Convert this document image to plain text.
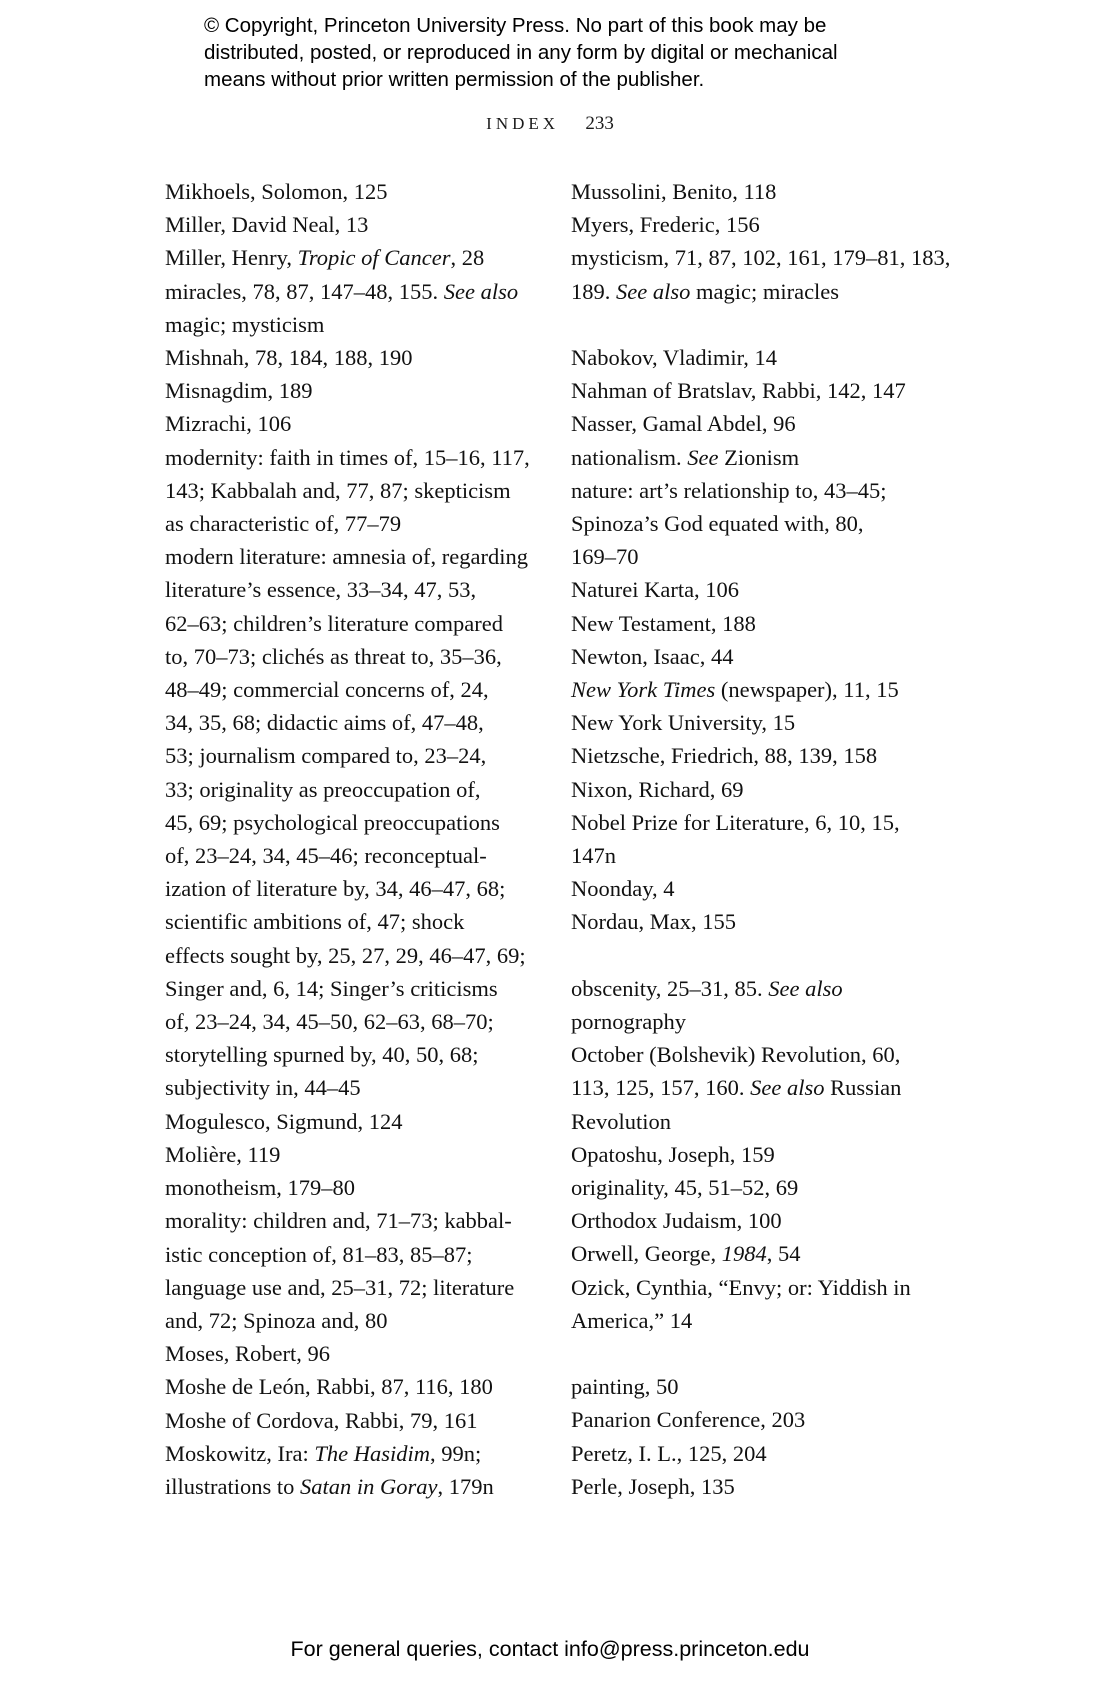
© Copyright, Princeton University Press. No part of this book may be
distributed, posted, or reproduced in any form by digital or mechanical
means without prior written permission of the publisher.
INDEX 233
Mikhoels, Solomon, 125
Miller, David Neal, 13
Miller, Henry, Tropic of Cancer, 28
miracles, 78, 87, 147–48, 155. See also
magic; mysticism
Mishnah, 78, 184, 188, 190
Misnagdim, 189
Mizrachi, 106
modernity: faith in times of, 15–16, 117,
143; Kabbalah and, 77, 87; skepticism
as characteristic of, 77–79
modern literature: amnesia of, regarding
literature’s essence, 33–34, 47, 53,
62–63; children’s literature compared
to, 70–73; clichés as threat to, 35–36,
48–49; commercial concerns of, 24,
34, 35, 68; didactic aims of, 47–48,
53; journalism compared to, 23–24,
33; originality as preoccupation of,
45, 69; psychological preoccupations
of, 23–24, 34, 45–46; reconceptual-
ization of literature by, 34, 46–47, 68;
scientific ambitions of, 47; shock
effects sought by, 25, 27, 29, 46–47, 69;
Singer and, 6, 14; Singer’s criticisms
of, 23–24, 34, 45–50, 62–63, 68–70;
storytelling spurned by, 40, 50, 68;
subjectivity in, 44–45
Mogulesco, Sigmund, 124
Molière, 119
monotheism, 179–80
morality: children and, 71–73; kabbal-
istic conception of, 81–83, 85–87;
language use and, 25–31, 72; literature
and, 72; Spinoza and, 80
Moses, Robert, 96
Moshe de León, Rabbi, 87, 116, 180
Moshe of Cordova, Rabbi, 79, 161
Moskowitz, Ira: The Hasidim, 99n;
illustrations to Satan in Goray, 179n
Mussolini, Benito, 118
Myers, Frederic, 156
mysticism, 71, 87, 102, 161, 179–81, 183,
189. See also magic; miracles
Nabokov, Vladimir, 14
Nahman of Bratslav, Rabbi, 142, 147
Nasser, Gamal Abdel, 96
nationalism. See Zionism
nature: art’s relationship to, 43–45;
Spinoza’s God equated with, 80,
169–70
Naturei Karta, 106
New Testament, 188
Newton, Isaac, 44
New York Times (newspaper), 11, 15
New York University, 15
Nietzsche, Friedrich, 88, 139, 158
Nixon, Richard, 69
Nobel Prize for Literature, 6, 10, 15,
147n
Noonday, 4
Nordau, Max, 155
obscenity, 25–31, 85. See also
pornography
October (Bolshevik) Revolution, 60,
113, 125, 157, 160. See also Russian
Revolution
Opatoshu, Joseph, 159
originality, 45, 51–52, 69
Orthodox Judaism, 100
Orwell, George, 1984, 54
Ozick, Cynthia, “Envy; or: Yiddish in
America,” 14
painting, 50
Panarion Conference, 203
Peretz, I. L., 125, 204
Perle, Joseph, 135
For general queries, contact info@press.princeton.edu
